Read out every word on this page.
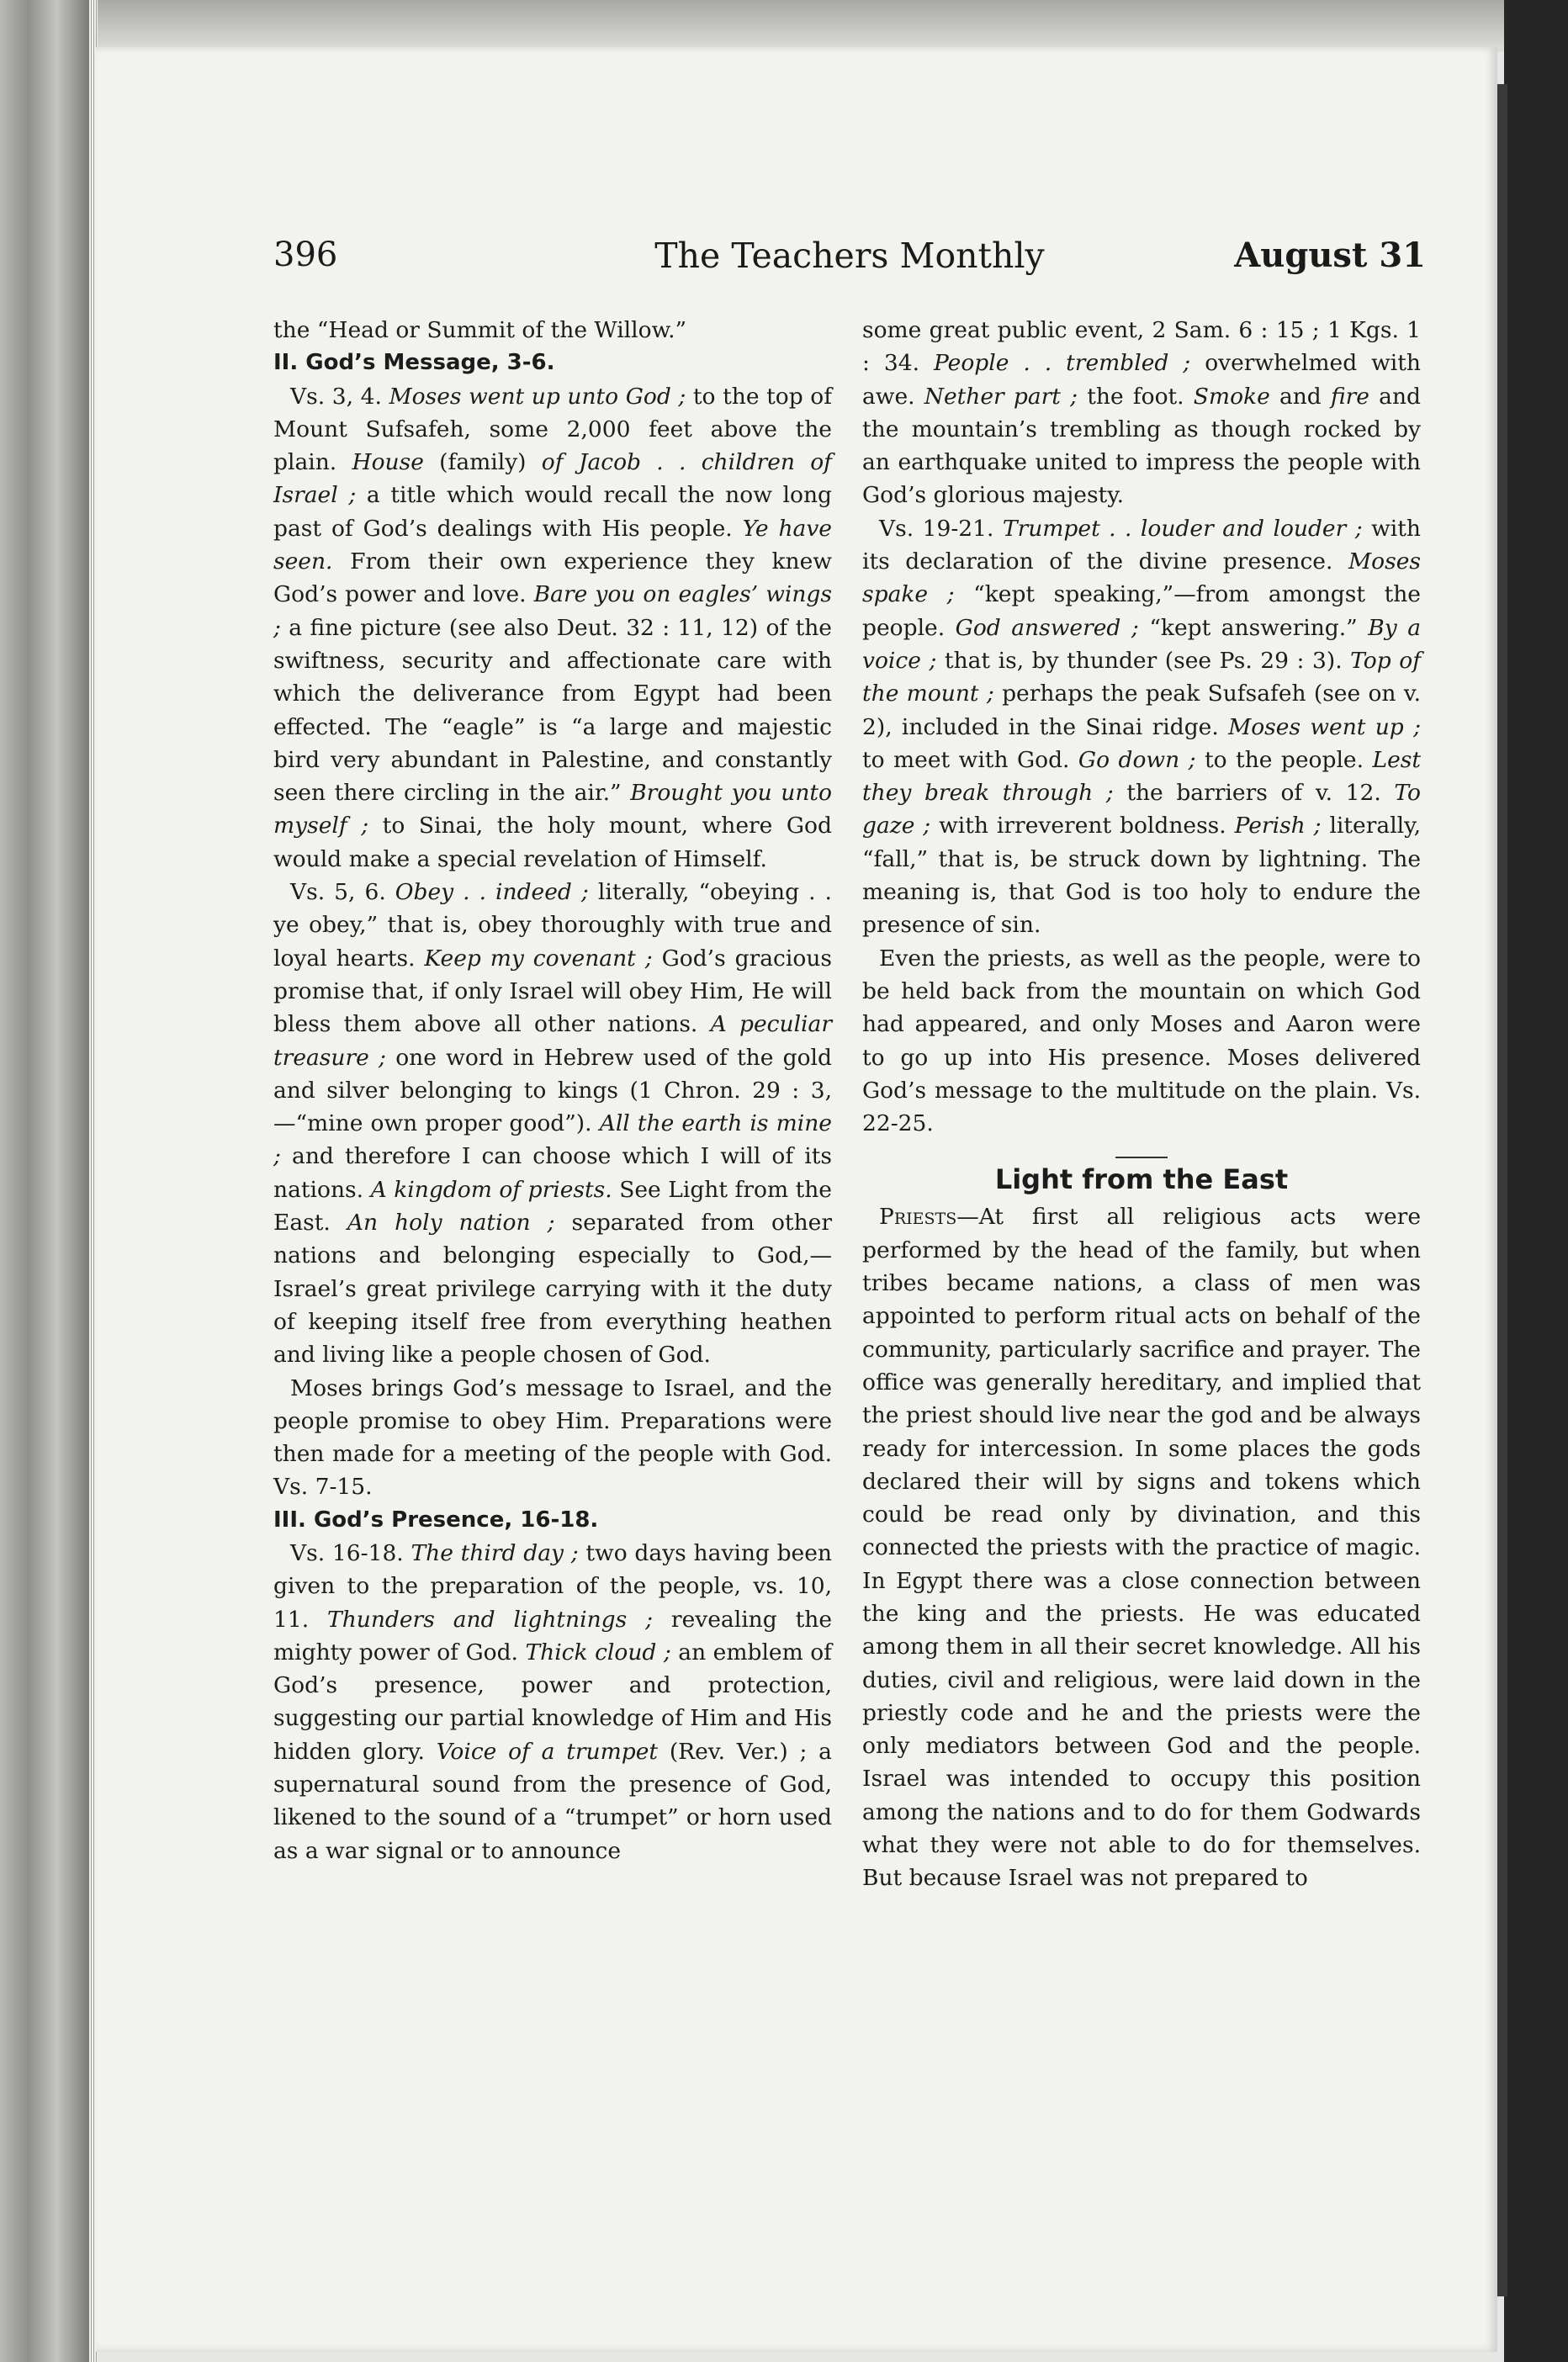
396	The Teachers Monthly	August 31

the “Head or Summit of the Willow.”

II. God’s Message, 3-6.

Vs. 3, 4. Moses went up unto God ; to the top of Mount Sufsafeh, some 2,000 feet above the plain. House (family) of Jacob . . children of Israel ; a title which would recall the now long past of God’s dealings with His people. Ye have seen. From their own experience they knew God’s power and love. Bare you on eagles’ wings ; a fine picture (see also Deut. 32 : 11, 12) of the swiftness, security and affectionate care with which the deliverance from Egypt had been effected. The “eagle” is “a large and majestic bird very abundant in Palestine, and constantly seen there circling in the air.” Brought you unto myself ; to Sinai, the holy mount, where God would make a special revelation of Himself.

Vs. 5, 6. Obey . . indeed ; literally, “obeying . . ye obey,” that is, obey thoroughly with true and loyal hearts. Keep my covenant ; God’s gracious promise that, if only Israel will obey Him, He will bless them above all other nations. A peculiar treasure ; one word in Hebrew used of the gold and silver belonging to kings (1 Chron. 29 : 3,—“mine own proper good”). All the earth is mine ; and therefore I can choose which I will of its nations. A kingdom of priests. See Light from the East. An holy nation ; separated from other nations and belonging especially to God,—Israel’s great privilege carrying with it the duty of keeping itself free from everything heathen and living like a people chosen of God.

Moses brings God’s message to Israel, and the people promise to obey Him. Preparations were then made for a meeting of the people with God. Vs. 7-15.

III. God’s Presence, 16-18.

Vs. 16-18. The third day ; two days having been given to the preparation of the people, vs. 10, 11. Thunders and lightnings ; revealing the mighty power of God. Thick cloud ; an emblem of God’s presence, power and protection, suggesting our partial knowledge of Him and His hidden glory. Voice of a trumpet (Rev. Ver.) ; a supernatural sound from the presence of God, likened to the sound of a “trumpet” or horn used as a war signal or to announce

some great public event, 2 Sam. 6 : 15 ; 1 Kgs. 1 : 34. People . . trembled ; overwhelmed with awe. Nether part ; the foot. Smoke and fire and the mountain’s trembling as though rocked by an earthquake united to impress the people with God’s glorious majesty.

Vs. 19-21. Trumpet . . louder and louder ; with its declaration of the divine presence. Moses spake ; “kept speaking,”—from amongst the people. God answered ; “kept answering.” By a voice ; that is, by thunder (see Ps. 29 : 3). Top of the mount ; perhaps the peak Sufsafeh (see on v. 2), included in the Sinai ridge. Moses went up ; to meet with God. Go down ; to the people. Lest they break through ; the barriers of v. 12. To gaze ; with irreverent boldness. Perish ; literally, “fall,” that is, be struck down by lightning. The meaning is, that God is too holy to endure the presence of sin.

Even the priests, as well as the people, were to be held back from the mountain on which God had appeared, and only Moses and Aaron were to go up into His presence. Moses delivered God’s message to the multitude on the plain. Vs. 22-25.

Light from the East

Priests—At first all religious acts were performed by the head of the family, but when tribes became nations, a class of men was appointed to perform ritual acts on behalf of the community, particularly sacrifice and prayer. The office was generally hereditary, and implied that the priest should live near the god and be always ready for intercession. In some places the gods declared their will by signs and tokens which could be read only by divination, and this connected the priests with the practice of magic. In Egypt there was a close connection between the king and the priests. He was educated among them in all their secret knowledge. All his duties, civil and religious, were laid down in the priestly code and he and the priests were the only mediators between God and the people. Israel was intended to occupy this position among the nations and to do for them Godwards what they were not able to do for themselves. But because Israel was not prepared to
